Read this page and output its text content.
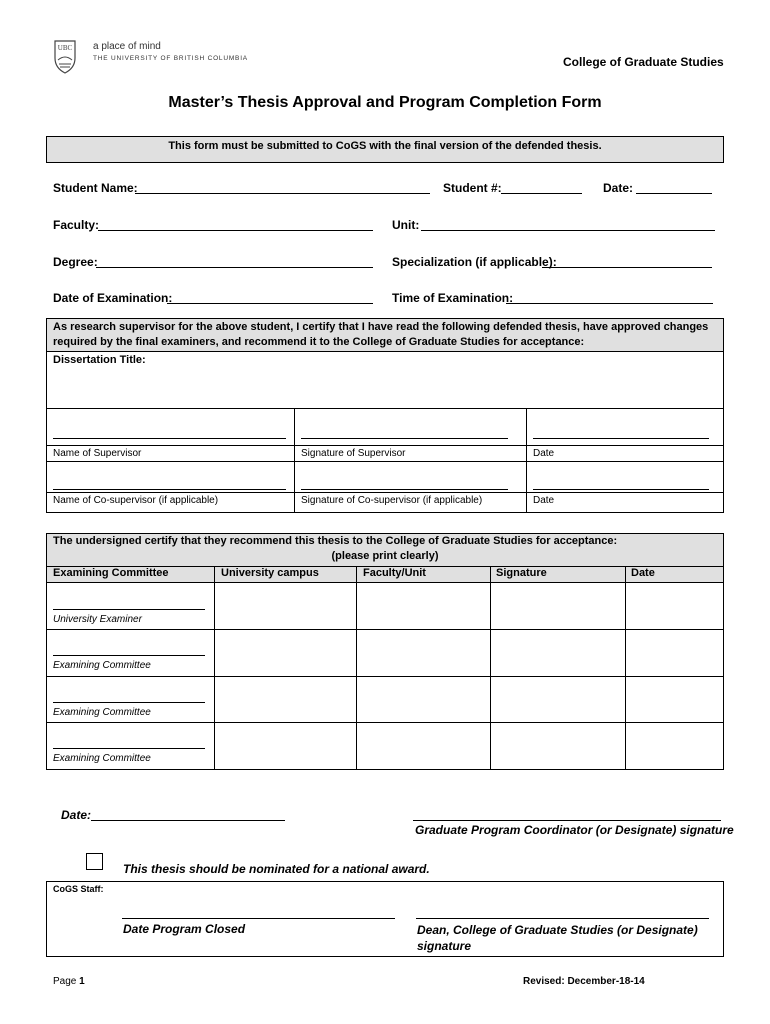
UBC a place of mind
THE UNIVERSITY OF BRITISH COLUMBIA	College of Graduate Studies
Master’s Thesis Approval and Program Completion Form
This form must be submitted to CoGS with the final version of the defended thesis.
Student Name:	Student #:	Date:
Faculty:	Unit:
Degree:	Specialization (if applicable):
Date of Examination:	Time of Examination:
As research supervisor for the above student, I certify that I have read the following defended thesis, have approved changes required by the final examiners, and recommend it to the College of Graduate Studies for acceptance:
Dissertation Title:
Name of Supervisor	Signature of Supervisor	Date
Name of Co-supervisor (if applicable)	Signature of Co-supervisor (if applicable)	Date
The undersigned certify that they recommend this thesis to the College of Graduate Studies for acceptance:
(please print clearly)
Examining Committee	University campus	Faculty/Unit	Signature	Date
University Examiner
Examining Committee
Examining Committee
Examining Committee
Date:
Graduate Program Coordinator (or Designate) signature
This thesis should be nominated for a national award.
CoGS Staff:
Date Program Closed	Dean, College of Graduate Studies (or Designate)
signature
Page 1	Revised: December-18-14
